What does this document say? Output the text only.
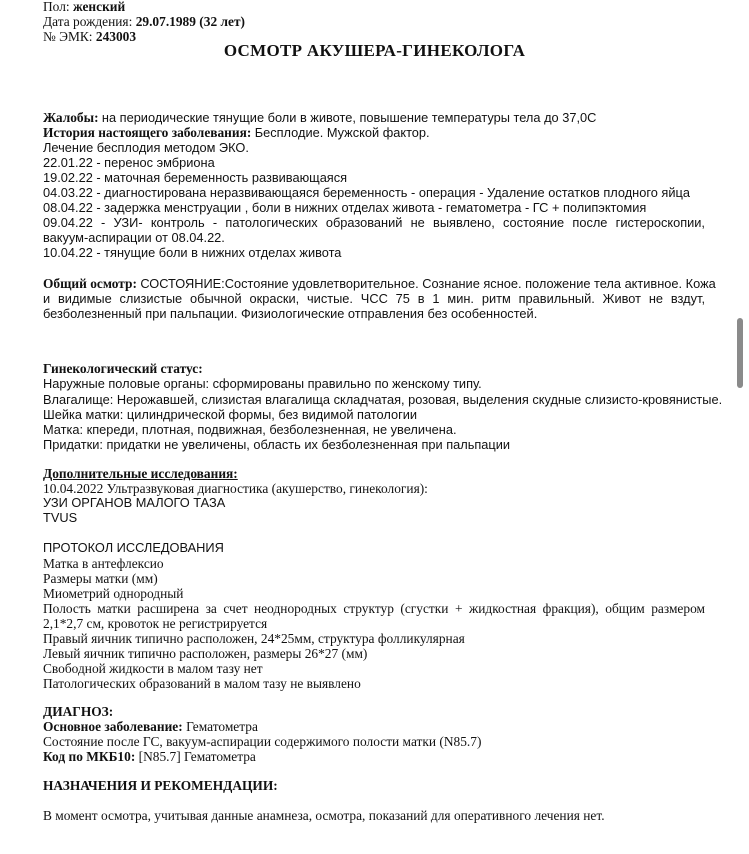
Пол: женский
Дата рождения: 29.07.1989 (32 лет)
№ ЭМК: 243003
ОСМОТР АКУШЕРА-ГИНЕКОЛОГА
Жалобы: на периодические тянущие боли в животе, повышение температуры тела до 37,0С
История настоящего заболевания: Бесплодие. Мужской фактор.
Лечение бесплодия методом ЭКО.
22.01.22 - перенос эмбриона
19.02.22 - маточная беременность развивающаяся
04.03.22 - диагностирована неразвивающаяся беременность - операция - Удаление остатков плодного яйца
08.04.22 - задержка менструации , боли в нижних отделах живота - гематометра - ГС + полипэктомия
09.04.22 - УЗИ- контроль - патологических образований не выявлено, состояние после гистероскопии,
вакуум-аспирации от 08.04.22.
10.04.22 - тянущие боли в нижних отделах живота
Общий осмотр: СОСТОЯНИЕ:Состояние удовлетворительное. Сознание ясное. положение тела активное. Кожа
и видимые слизистые обычной окраски, чистые. ЧСС 75 в 1 мин. ритм правильный. Живот не вздут,
безболезненный при пальпации. Физиологические отправления без особенностей.
Гинекологический статус:
Наружные половые органы: сформированы правильно по женскому типу.
Влагалище: Нерожавшей, слизистая влагалища складчатая, розовая, выделения скудные слизисто-кровянистые.
Шейка матки: цилиндрической формы, без видимой патологии
Матка: кпереди, плотная, подвижная, безболезненная, не увеличена.
Придатки: придатки не увеличены, область их безболезненная при пальпации
Дополнительные исследования:
10.04.2022 Ультразвуковая диагностика (акушерство, гинекология):
УЗИ ОРГАНОВ МАЛОГО ТАЗА
TVUS
ПРОТОКОЛ ИССЛЕДОВАНИЯ
Матка в антефлексио
Размеры матки (мм)
Миометрий однородный
Полость матки расширена за счет неоднородных структур (сгустки + жидкостная фракция), общим размером
2,1*2,7 см, кровоток не регистрируется
Правый яичник типично расположен, 24*25мм, структура фолликулярная
Левый яичник типично расположен, размеры 26*27 (мм)
Свободной жидкости в малом тазу нет
Патологических образований в малом тазу не выявлено
ДИАГНОЗ:
Основное заболевание: Гематометра
Состояние после ГС, вакуум-аспирации содержимого полости матки (N85.7)
Код по МКБ10: [N85.7] Гематометра
НАЗНАЧЕНИЯ И РЕКОМЕНДАЦИИ:
В момент осмотра, учитывая данные анамнеза, осмотра, показаний для оперативного лечения нет.
